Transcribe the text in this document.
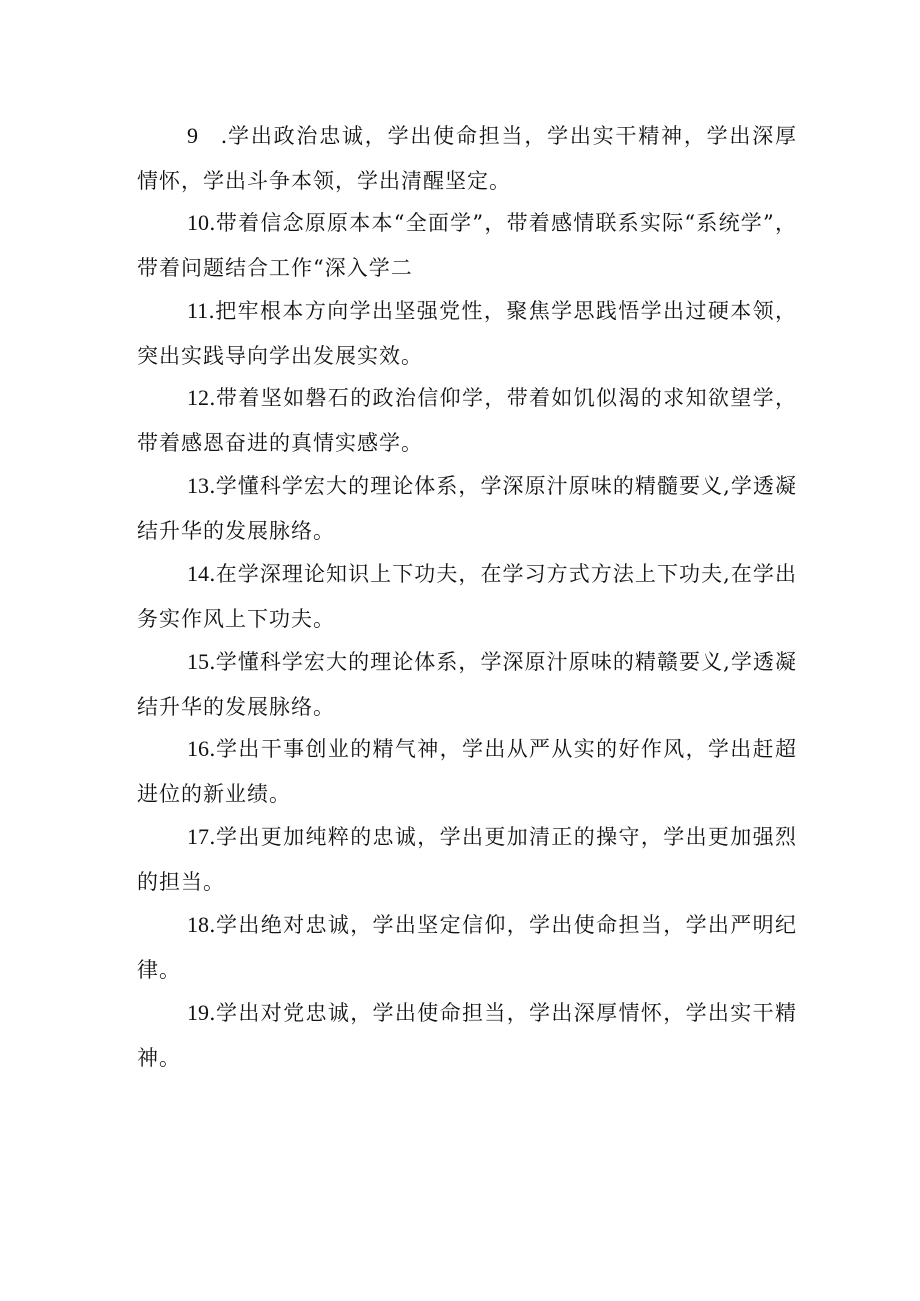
9　.学出政治忠诚，学出使命担当，学出实干精神，学出深厚情怀，学出斗争本领，学出清醒坚定。

10.带着信念原原本本“全面学”，带着感情联系实际“系统学”，带着问题结合工作“深入学二

11.把牢根本方向学出坚强党性，聚焦学思践悟学出过硬本领，突出实践导向学出发展实效。

12.带着坚如磐石的政治信仰学，带着如饥似渴的求知欲望学，带着感恩奋进的真情实感学。

13.学懂科学宏大的理论体系，学深原汁原味的精髓要义,学透凝结升华的发展脉络。

14.在学深理论知识上下功夫，在学习方式方法上下功夫,在学出务实作风上下功夫。

15.学懂科学宏大的理论体系，学深原汁原味的精赣要义,学透凝结升华的发展脉络。

16.学出干事创业的精气神，学出从严从实的好作风，学出赶超进位的新业绩。

17.学出更加纯粹的忠诚，学出更加清正的操守，学出更加强烈的担当。

18.学出绝对忠诚，学出坚定信仰，学出使命担当，学出严明纪律。

19.学出对党忠诚，学出使命担当，学出深厚情怀，学出实干精神。
